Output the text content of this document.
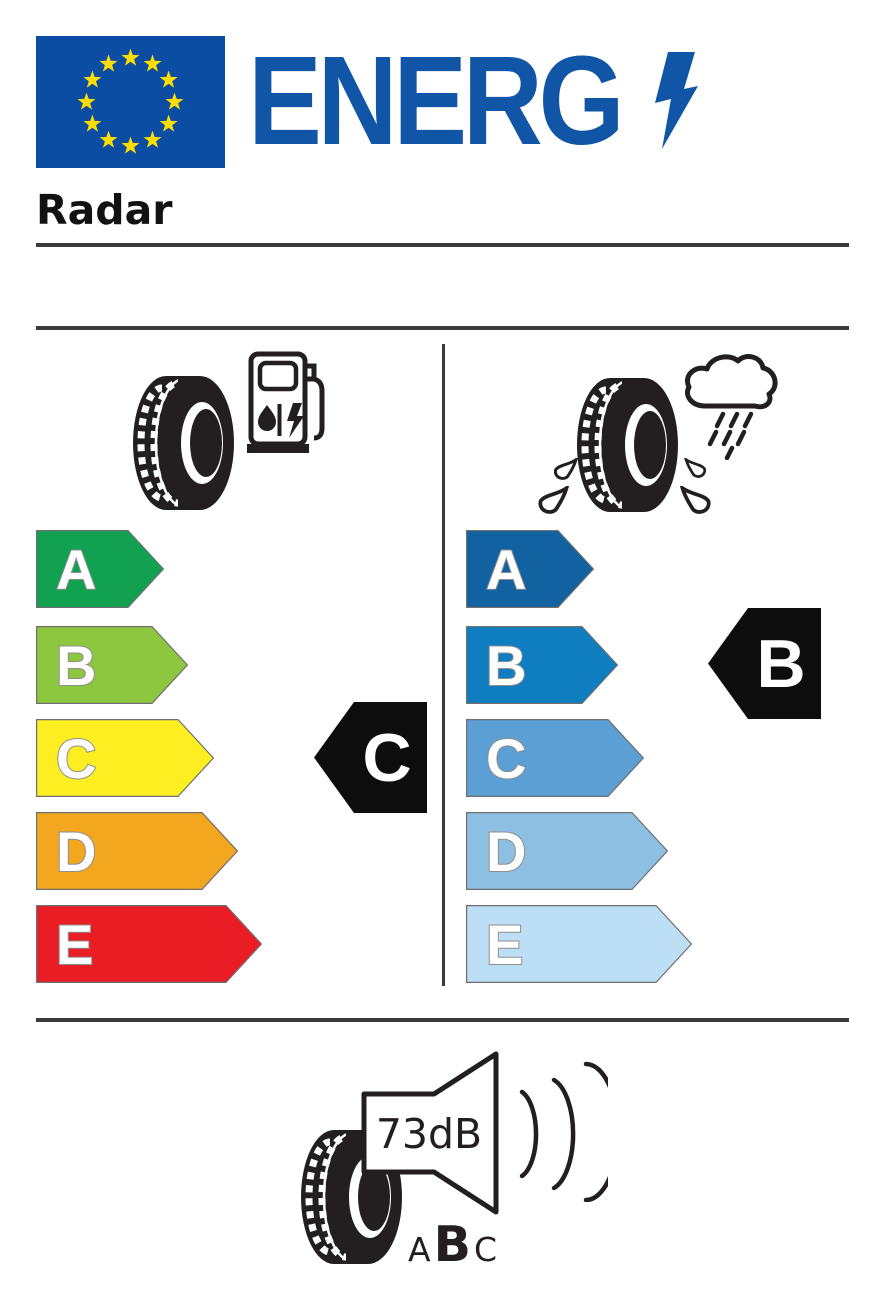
ENERG
Radar
A
B
C
D
E
A
B
C
D
E
C
B
73dB
A B C
